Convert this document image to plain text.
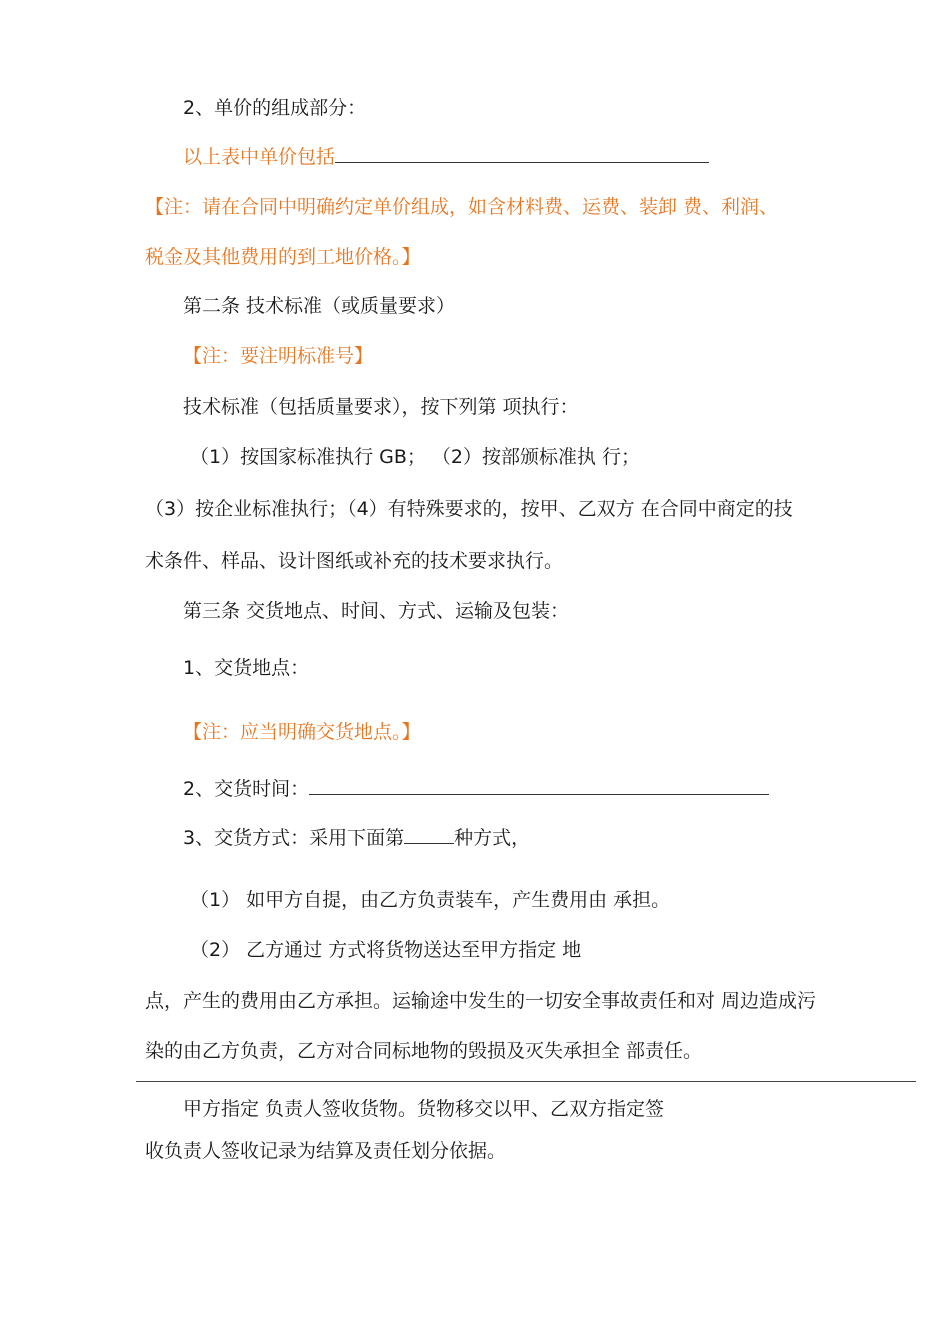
2、单价的组成部分：
以上表中单价包括
【注：请在合同中明确约定单价组成，如含材料费、运费、装卸 费、利润、
税金及其他费用的到工地价格。】
第二条 技术标准（或质量要求）
【注：要注明标准号】
技术标准（包括质量要求），按下列第 项执行：
（1）按国家标准执行 GB； （2）按部颁标准执 行；
（3）按企业标准执行；（4）有特殊要求的，按甲、乙双方 在合同中商定的技
术条件、样品、设计图纸或补充的技术要求执行。
第三条 交货地点、时间、方式、运输及包装：
1、交货地点：
【注：应当明确交货地点。】
2、交货时间：
3、交货方式：采用下面第	种方式，
（1） 如甲方自提，由乙方负责装车，产生费用由 承担。
（2） 乙方通过 方式将货物送达至甲方指定 地
点，产生的费用由乙方承担。运输途中发生的一切安全事故责任和对 周边造成污
染的由乙方负责，乙方对合同标地物的毁损及灭失承担全 部责任。
甲方指定 负责人签收货物。货物移交以甲、乙双方指定签
收负责人签收记录为结算及责任划分依据。
